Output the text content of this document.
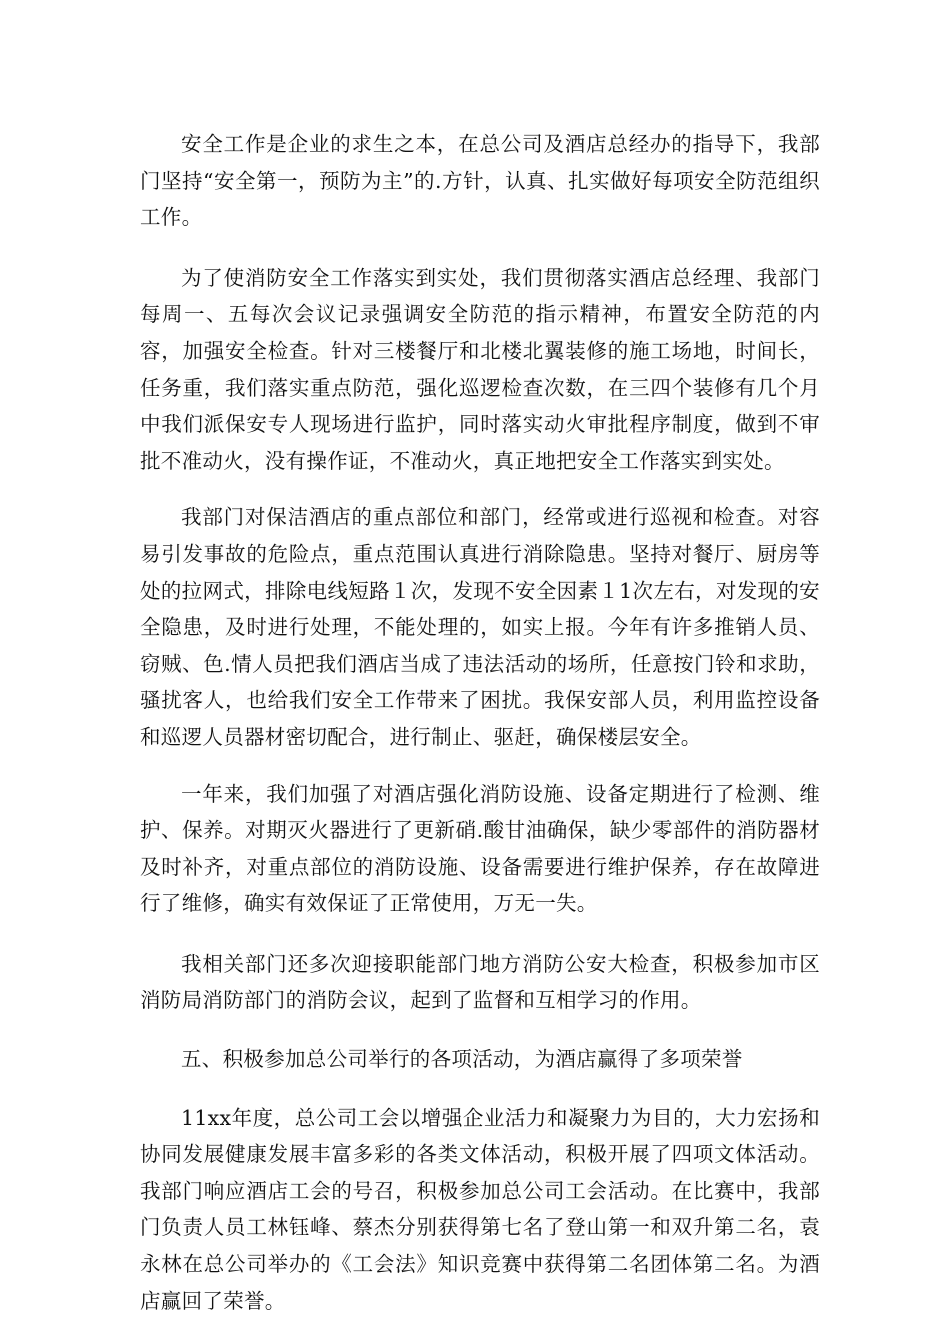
安全工作是企业的求生之本，在总公司及酒店总经办的指导下，我部门坚持“安全第一，预防为主”的.方针，认真、扎实做好每项安全防范组织工作。

为了使消防安全工作落实到实处，我们贯彻落实酒店总经理、我部门每周一、五每次会议记录强调安全防范的指示精神，布置安全防范的内容，加强安全检查。针对三楼餐厅和北楼北翼装修的施工场地，时间长，任务重，我们落实重点防范，强化巡逻检查次数，在三四个装修有几个月中我们派保安专人现场进行监护，同时落实动火审批程序制度，做到不审批不准动火，没有操作证，不准动火，真正地把安全工作落实到实处。

我部门对保洁酒店的重点部位和部门，经常或进行巡视和检查。对容易引发事故的危险点，重点范围认真进行消除隐患。坚持对餐厅、厨房等处的拉网式，排除电线短路１次，发现不安全因素１1次左右，对发现的安全隐患，及时进行处理，不能处理的，如实上报。今年有许多推销人员、窃贼、色.情人员把我们酒店当成了违法活动的场所，任意按门铃和求助，骚扰客人，也给我们安全工作带来了困扰。我保安部人员，利用监控设备和巡逻人员器材密切配合，进行制止、驱赶，确保楼层安全。

一年来，我们加强了对酒店强化消防设施、设备定期进行了检测、维护、保养。对期灭火器进行了更新硝.酸甘油确保，缺少零部件的消防器材及时补齐，对重点部位的消防设施、设备需要进行维护保养，存在故障进行了维修，确实有效保证了正常使用，万无一失。

我相关部门还多次迎接职能部门地方消防公安大检查，积极参加市区消防局消防部门的消防会议，起到了监督和互相学习的作用。

五、积极参加总公司举行的各项活动，为酒店赢得了多项荣誉

11xx年度，总公司工会以增强企业活力和凝聚力为目的，大力宏扬和协同发展健康发展丰富多彩的各类文体活动，积极开展了四项文体活动。我部门响应酒店工会的号召，积极参加总公司工会活动。在比赛中，我部门负责人员工林钰峰、蔡杰分别获得第七名了登山第一和双升第二名，袁永林在总公司举办的《工会法》知识竞赛中获得第二名团体第二名。为酒店赢回了荣誉。
